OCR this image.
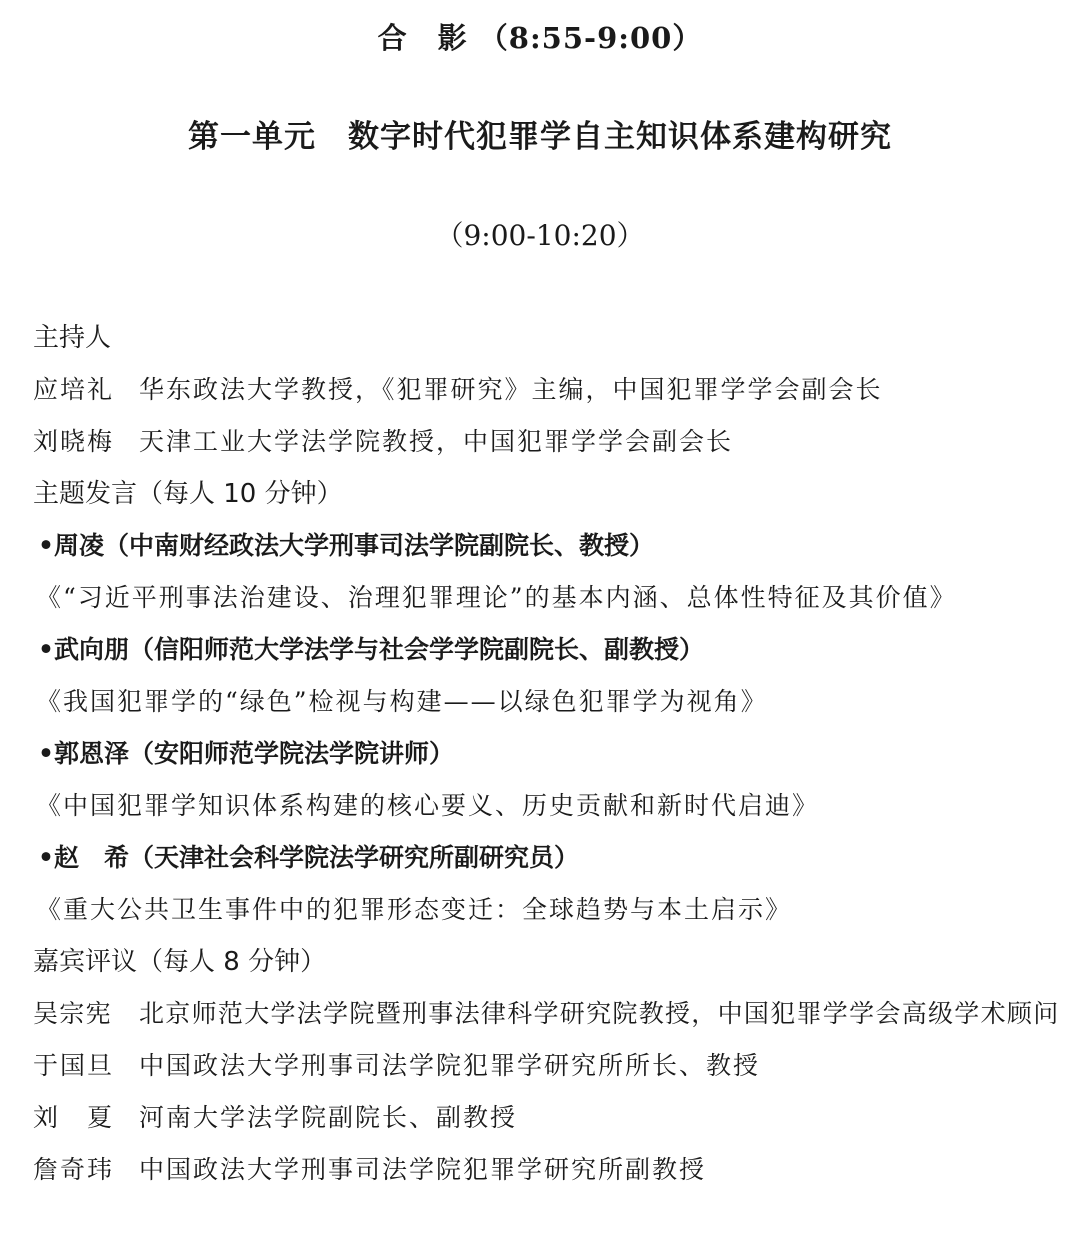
合　影 （8:55-9:00）
第一单元　数字时代犯罪学自主知识体系建构研究
（9:00-10:20）
主持人
应培礼 华东政法大学教授，《犯罪研究》主编，中国犯罪学学会副会长
刘晓梅 天津工业大学法学院教授，中国犯罪学学会副会长
主题发言（每人 10 分钟）
•周凌（中南财经政法大学刑事司法学院副院长、教授）
《“习近平刑事法治建设、治理犯罪理论”的基本内涵、总体性特征及其价值》
•武向朋（信阳师范大学法学与社会学学院副院长、副教授）
《我国犯罪学的“绿色”检视与构建——以绿色犯罪学为视角》
•郭恩泽（安阳师范学院法学院讲师）
《中国犯罪学知识体系构建的核心要义、历史贡献和新时代启迪》
•赵　希（天津社会科学院法学研究所副研究员）
《重大公共卫生事件中的犯罪形态变迁：全球趋势与本土启示》
嘉宾评议（每人 8 分钟）
吴宗宪 北京师范大学法学院暨刑事法律科学研究院教授，中国犯罪学学会高级学术顾问
于国旦 中国政法大学刑事司法学院犯罪学研究所所长、教授
刘　夏 河南大学法学院副院长、副教授
詹奇玮 中国政法大学刑事司法学院犯罪学研究所副教授
